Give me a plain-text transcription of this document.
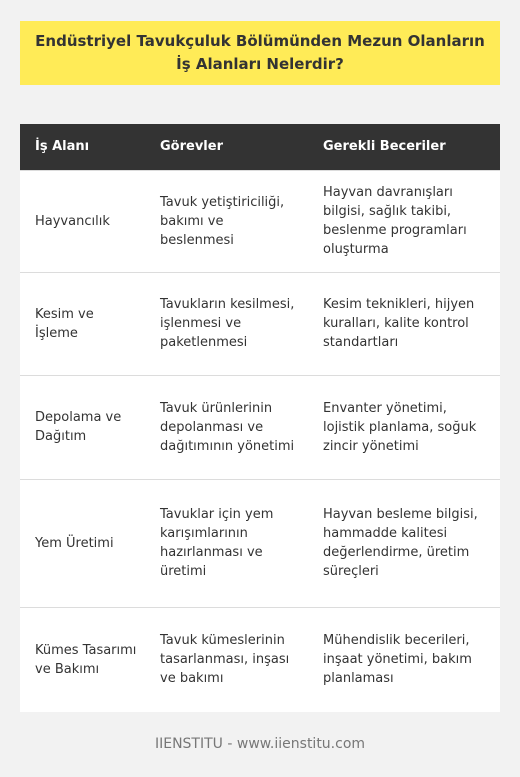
Endüstriyel Tavukçuluk Bölümünden Mezun Olanların İş Alanları Nelerdir?
İş Alanı	Görevler	Gerekli Beceriler
Hayvancılık	Tavuk yetiştiriciliği, bakımı ve beslenmesi	Hayvan davranışları bilgisi, sağlık takibi, beslenme programları oluşturma
Kesim ve İşleme	Tavukların kesilmesi, işlenmesi ve paketlenmesi	Kesim teknikleri, hijyen kuralları, kalite kontrol standartları
Depolama ve Dağıtım	Tavuk ürünlerinin depolanması ve dağıtımının yönetimi	Envanter yönetimi, lojistik planlama, soğuk zincir yönetimi
Yem Üretimi	Tavuklar için yem karışımlarının hazırlanması ve üretimi	Hayvan besleme bilgisi, hammadde kalitesi değerlendirme, üretim süreçleri
Kümes Tasarımı ve Bakımı	Tavuk kümeslerinin tasarlanması, inşası ve bakımı	Mühendislik becerileri, inşaat yönetimi, bakım planlaması
IIENSTITU - www.iienstitu.com
